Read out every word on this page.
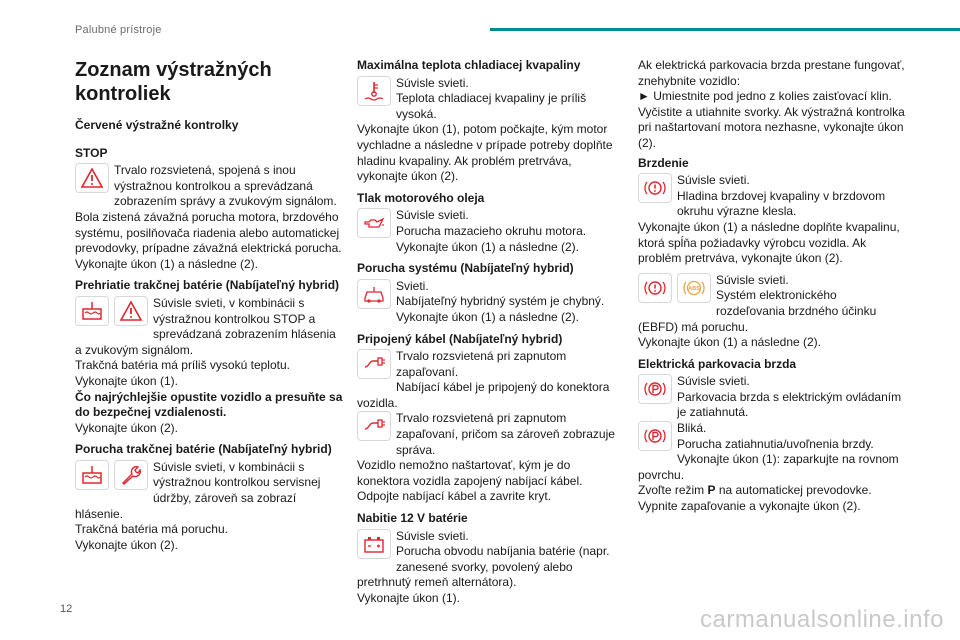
Palubné prístroje
Zoznam výstražných kontroliek
Červené výstražné kontrolky
STOP

Trvalo rozsvietená, spojená s inou výstražnou kontrolkou a sprevádzaná zobrazením správy a zvukovým signálom.

Bola zistená závažná porucha motora, brzdového systému, posilňovača riadenia alebo automatickej prevodovky, prípadne závažná elektrická porucha.

Vykonajte úkon (1) a následne (2).

Prehriatie trakčnej batérie (Nabíjateľný hybrid)

Súvisle svieti, v kombinácii s výstražnou kontrolkou STOP a sprevádzaná zobrazením hlásenia a zvukovým signálom.

Trakčná batéria má príliš vysokú teplotu.

Vykonajte úkon (1).

Čo najrýchlejšie opustite vozidlo a presuňte sa do bezpečnej vzdialenosti.

Vykonajte úkon (2).

Porucha trakčnej batérie (Nabíjateľný hybrid)

Súvisle svieti, v kombinácii s výstražnou kontrolkou servisnej údržby, zároveň sa zobrazí hlásenie.

Trakčná batéria má poruchu.

Vykonajte úkon (2).

Maximálna teplota chladiacej kvapaliny

Súvisle svieti.

Teplota chladiacej kvapaliny je príliš vysoká.

Vykonajte úkon (1), potom počkajte, kým motor vychladne a následne v prípade potreby doplňte hladinu kvapaliny. Ak problém pretrváva, vykonajte úkon (2).

Tlak motorového oleja

Súvisle svieti.

Porucha mazacieho okruhu motora.

Vykonajte úkon (1) a následne (2).

Porucha systému (Nabíjateľný hybrid)

Svieti.

Nabíjateľný hybridný systém je chybný.

Vykonajte úkon (1) a následne (2).

Pripojený kábel (Nabíjateľný hybrid)

Trvalo rozsvietená pri zapnutom zapaľovaní.

Nabíjací kábel je pripojený do konektora vozidla.

Trvalo rozsvietená pri zapnutom zapaľovaní, pričom sa zároveň zobrazuje správa.

Vozidlo nemožno naštartovať, kým je do konektora vozidla zapojený nabíjací kábel.

Odpojte nabíjací kábel a zavrite kryt.

Nabitie 12 V batérie

Súvisle svieti.

Porucha obvodu nabíjania batérie (napr. zanesené svorky, povolený alebo pretrhnutý remeň alternátora).

Vykonajte úkon (1).

Ak elektrická parkovacia brzda prestane fungovať, znehybnite vozidlo:

► Umiestnite pod jedno z kolies zaisťovací klin.

Vyčistite a utiahnite svorky. Ak výstražná kontrolka pri naštartovaní motora nezhasne, vykonajte úkon (2).

Brzdenie

Súvisle svieti.

Hladina brzdovej kvapaliny v brzdovom okruhu výrazne klesla.

Vykonajte úkon (1) a následne doplňte kvapalinu, ktorá spĺňa požiadavky výrobcu vozidla. Ak problém pretrváva, vykonajte úkon (2).

ABS

Súvisle svieti.

Systém elektronického rozdeľovania brzdného účinku (EBFD) má poruchu.

Vykonajte úkon (1) a následne (2).

Elektrická parkovacia brzda

Súvisle svieti.

Parkovacia brzda s elektrickým ovládaním je zatiahnutá.

Bliká.

Porucha zatiahnutia/uvoľnenia brzdy.

Vykonajte úkon (1): zaparkujte na rovnom povrchu.

Zvoľte režim P na automatickej prevodovke.

Vypnite zapaľovanie a vykonajte úkon (2).

12	carmanualsonline.info
